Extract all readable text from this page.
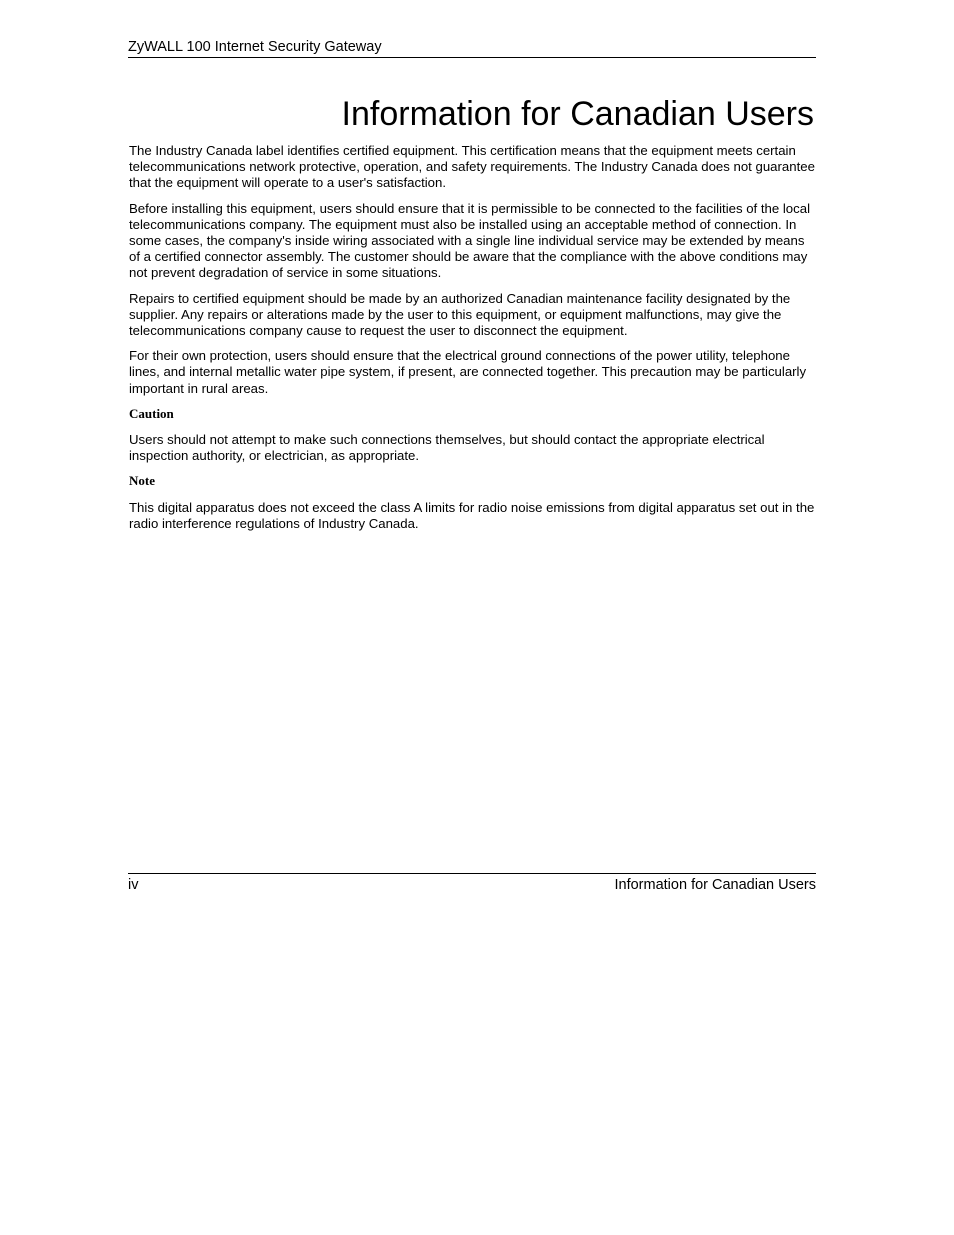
ZyWALL 100 Internet Security Gateway
Information for Canadian Users

The Industry Canada label identifies certified equipment. This certification means that the equipment meets certain telecommunications network protective, operation, and safety requirements. The Industry Canada does not guarantee that the equipment will operate to a user's satisfaction.

Before installing this equipment, users should ensure that it is permissible to be connected to the facilities of the local telecommunications company. The equipment must also be installed using an acceptable method of connection. In some cases, the company's inside wiring associated with a single line individual service may be extended by means of a certified connector assembly. The customer should be aware that the compliance with the above conditions may not prevent degradation of service in some situations.

Repairs to certified equipment should be made by an authorized Canadian maintenance facility designated by the supplier. Any repairs or alterations made by the user to this equipment, or equipment malfunctions, may give the telecommunications company cause to request the user to disconnect the equipment.

For their own protection, users should ensure that the electrical ground connections of the power utility, telephone lines, and internal metallic water pipe system, if present, are connected together. This precaution may be particularly important in rural areas.

Caution

Users should not attempt to make such connections themselves, but should contact the appropriate electrical inspection authority, or electrician, as appropriate.

Note

This digital apparatus does not exceed the class A limits for radio noise emissions from digital apparatus set out in the radio interference regulations of Industry Canada.

iv	Information for Canadian Users
